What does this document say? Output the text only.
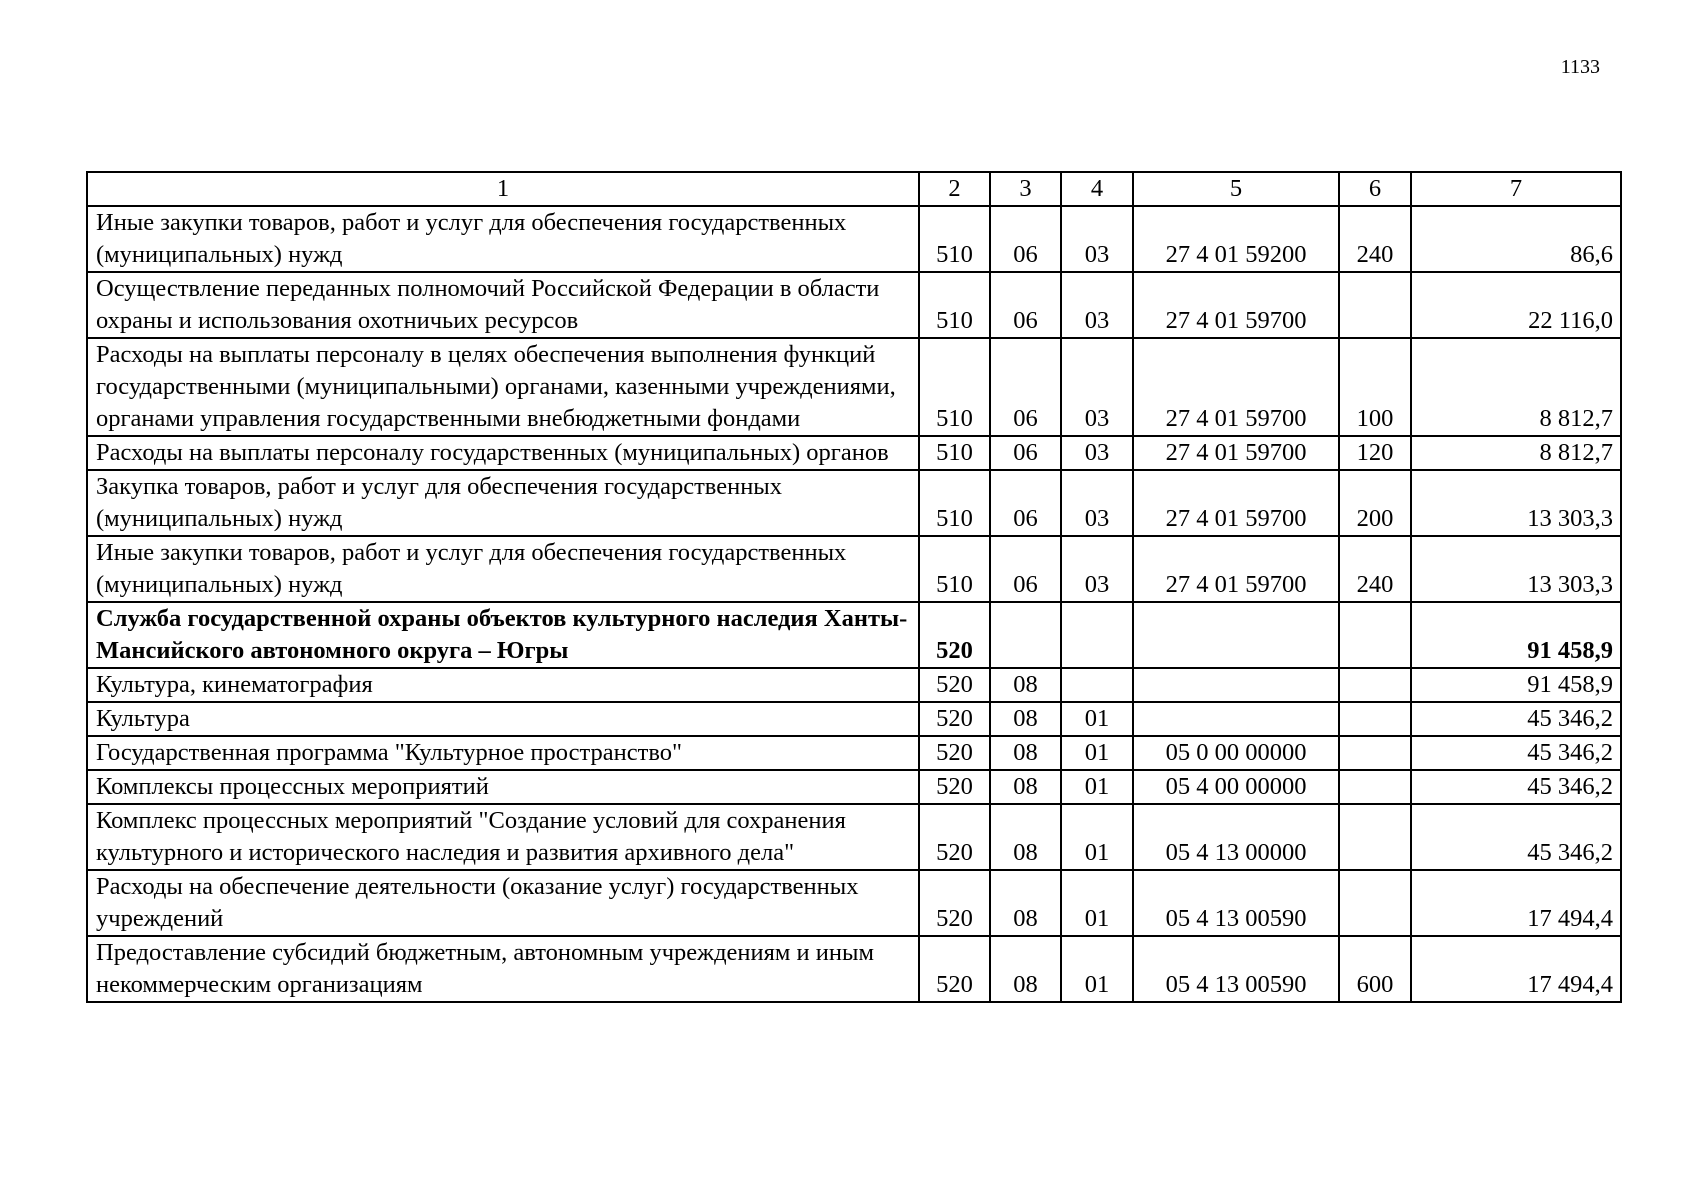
1133
1	2	3	4	5	6	7
Иные закупки товаров, работ и услуг для обеспечения государственных (муниципальных) нужд	510	06	03	27 4 01 59200	240	86,6
Осуществление переданных полномочий Российской Федерации в области охраны и использования охотничьих ресурсов	510	06	03	27 4 01 59700		22 116,0
Расходы на выплаты персоналу в целях обеспечения выполнения функций государственными (муниципальными) органами, казенными учреждениями, органами управления государственными внебюджетными фондами	510	06	03	27 4 01 59700	100	8 812,7
Расходы на выплаты персоналу государственных (муниципальных) органов	510	06	03	27 4 01 59700	120	8 812,7
Закупка товаров, работ и услуг для обеспечения государственных (муниципальных) нужд	510	06	03	27 4 01 59700	200	13 303,3
Иные закупки товаров, работ и услуг для обеспечения государственных (муниципальных) нужд	510	06	03	27 4 01 59700	240	13 303,3
Служба государственной охраны объектов культурного наследия Ханты-Мансийского автономного округа – Югры	520					91 458,9
Культура, кинематография	520	08				91 458,9
Культура	520	08	01			45 346,2
Государственная программа "Культурное пространство"	520	08	01	05 0 00 00000		45 346,2
Комплексы процессных мероприятий	520	08	01	05 4 00 00000		45 346,2
Комплекс процессных мероприятий "Создание условий для сохранения культурного и исторического наследия и развития архивного дела"	520	08	01	05 4 13 00000		45 346,2
Расходы на обеспечение деятельности (оказание услуг) государственных учреждений	520	08	01	05 4 13 00590		17 494,4
Предоставление субсидий бюджетным, автономным учреждениям и иным некоммерческим организациям	520	08	01	05 4 13 00590	600	17 494,4
